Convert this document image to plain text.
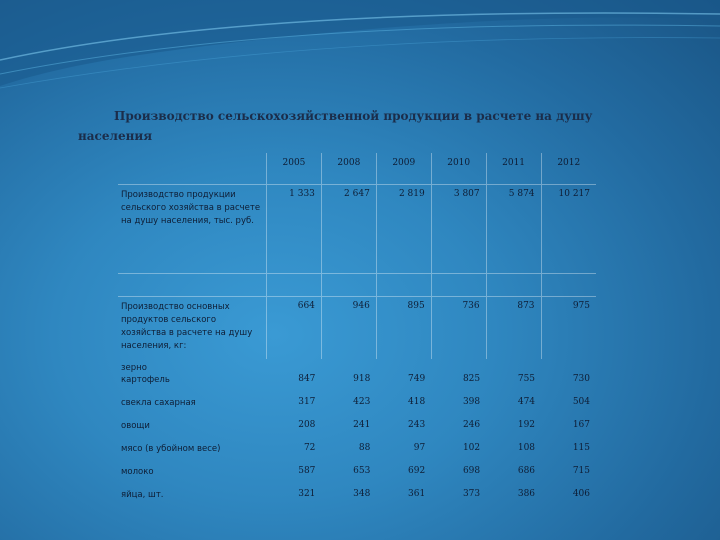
Производство сельскохозяйственной продукции в расчете на душу населения

	2005	2008	2009	2010	2011	2012
Производство продукции сельского хозяйства в расчете на душу населения, тыс. руб.	1 333	2 647	2 819	3 807	5 874	10 217

Производство основных продуктов сельского хозяйства в расчете на душу населения, кг:	664	946	895	736	873	975

зерно
картофель	847	918	749	825	755	730
свекла сахарная	317	423	418	398	474	504
овощи	208	241	243	246	192	167
мясо (в убойном весе)	72	88	97	102	108	115
молоко	587	653	692	698	686	715
яйца, шт.	321	348	361	373	386	406
